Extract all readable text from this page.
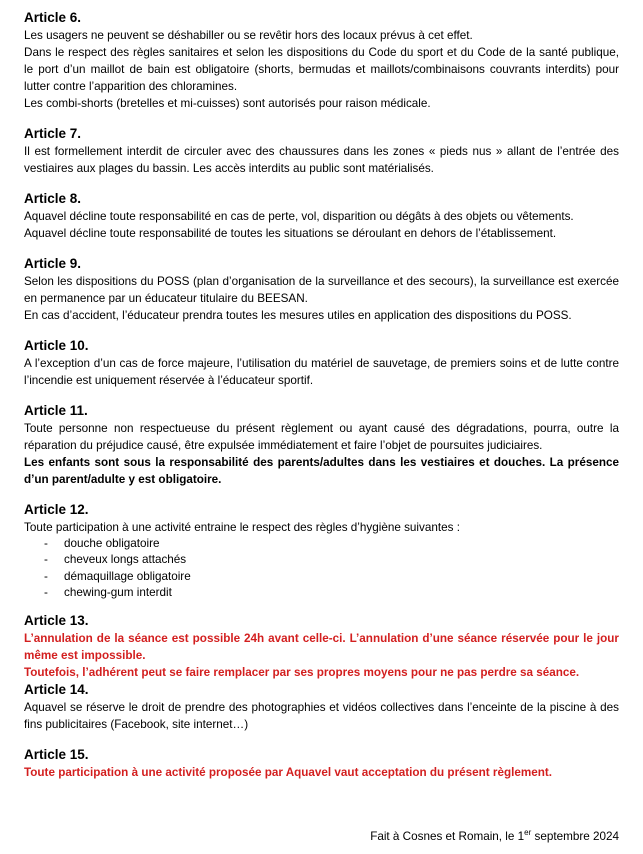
Article 6.

Les usagers ne peuvent se déshabiller ou se revêtir hors des locaux prévus à cet effet.

Dans le respect des règles sanitaires et selon les dispositions du Code du sport et du Code de la santé publique, le port d’un maillot de bain est obligatoire (shorts, bermudas et maillots/combinaisons couvrants interdits) pour lutter contre l’apparition des chloramines.

Les combi-shorts (bretelles et mi-cuisses) sont autorisés pour raison médicale.

Article 7.

Il est formellement interdit de circuler avec des chaussures dans les zones « pieds nus » allant de l’entrée des vestiaires aux plages du bassin. Les accès interdits au public sont matérialisés.

Article 8.

Aquavel décline toute responsabilité en cas de perte, vol, disparition ou dégâts à des objets ou vêtements.

Aquavel décline toute responsabilité de toutes les situations se déroulant en dehors de l’établissement.

Article 9.

Selon les dispositions du POSS (plan d’organisation de la surveillance et des secours), la surveillance est exercée en permanence par un éducateur titulaire du BEESAN.

En cas d’accident, l’éducateur prendra toutes les mesures utiles en application des dispositions du POSS.

Article 10.

A l’exception d’un cas de force majeure, l’utilisation du matériel de sauvetage, de premiers soins et de lutte contre l’incendie est uniquement réservée à l’éducateur sportif.

Article 11.

Toute personne non respectueuse du présent règlement ou ayant causé des dégradations, pourra, outre la réparation du préjudice causé, être expulsée immédiatement et faire l’objet de poursuites judiciaires.

Les enfants sont sous la responsabilité des parents/adultes dans les vestiaires et douches. La présence d’un parent/adulte y est obligatoire.

Article 12.

Toute participation à une activité entraine le respect des règles d’hygiène suivantes :

- douche obligatoire
- cheveux longs attachés
- démaquillage obligatoire
- chewing-gum interdit
Article 13.

L’annulation de la séance est possible 24h avant celle-ci. L’annulation d’une séance réservée pour le jour même est impossible.

Toutefois, l’adhérent peut se faire remplacer par ses propres moyens pour ne pas perdre sa séance.

Article 14.

Aquavel se réserve le droit de prendre des photographies et vidéos collectives dans l’enceinte de la piscine à des fins publicitaires (Facebook, site internet…)

Article 15.

Toute participation à une activité proposée par Aquavel vaut acceptation du présent règlement.

Fait à Cosnes et Romain, le 1er septembre 2024
